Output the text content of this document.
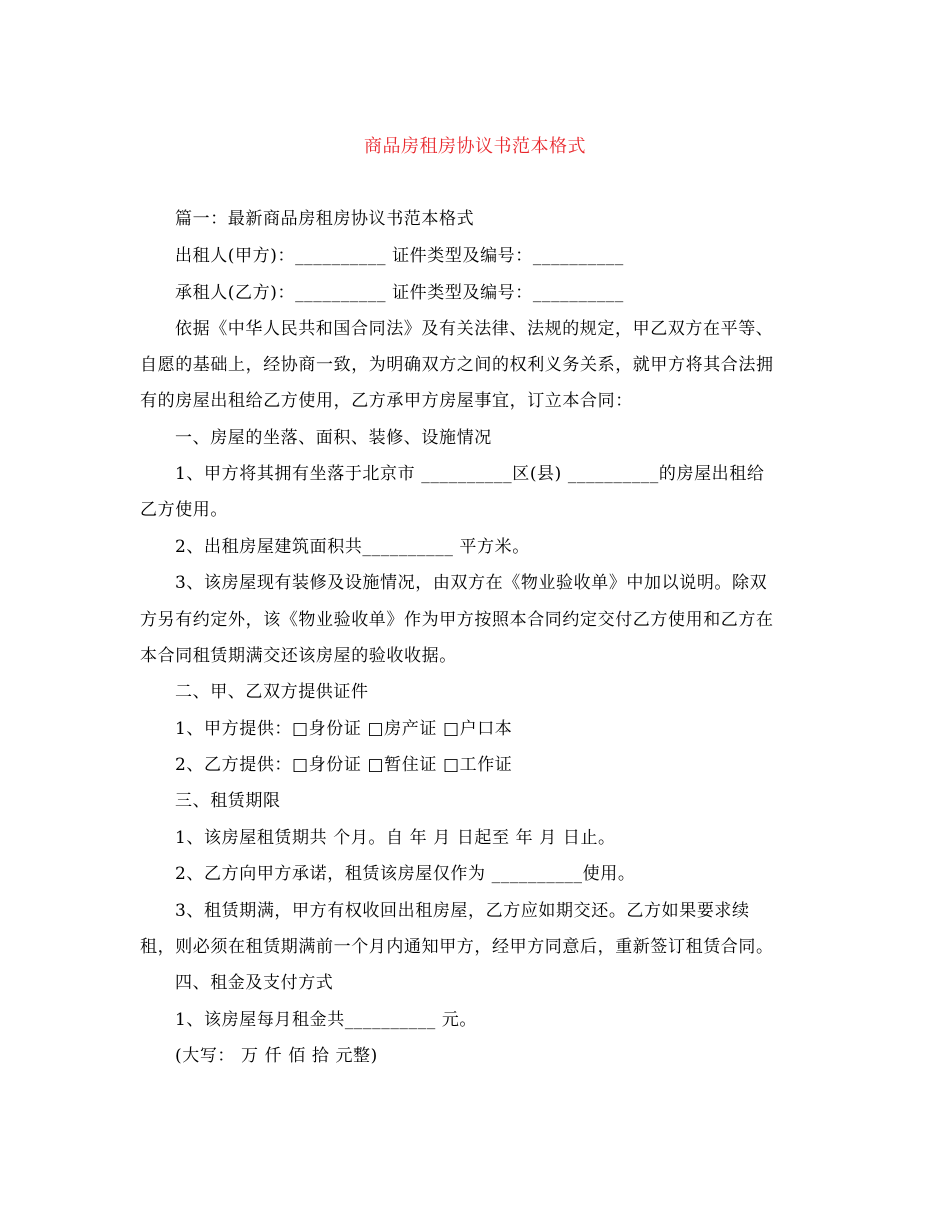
商品房租房协议书范本格式
篇一：最新商品房租房协议书范本格式
出租人(甲方)：__________ 证件类型及编号：__________
承租人(乙方)：__________ 证件类型及编号：__________
依据《中华人民共和国合同法》及有关法律、法规的规定，甲乙双方在平等、
自愿的基础上，经协商一致，为明确双方之间的权利义务关系，就甲方将其合法拥
有的房屋出租给乙方使用，乙方承甲方房屋事宜，订立本合同：
一、房屋的坐落、面积、装修、设施情况
1、甲方将其拥有坐落于北京市 __________区(县) __________的房屋出租给
乙方使用。
2、出租房屋建筑面积共__________ 平方米。
3、该房屋现有装修及设施情况，由双方在《物业验收单》中加以说明。除双
方另有约定外，该《物业验收单》作为甲方按照本合同约定交付乙方使用和乙方在
本合同租赁期满交还该房屋的验收收据。
二、甲、乙双方提供证件
1、甲方提供：□身份证 □房产证 □户口本
2、乙方提供：□身份证 □暂住证 □工作证
三、租赁期限
1、该房屋租赁期共 个月。自 年 月 日起至 年 月 日止。
2、乙方向甲方承诺，租赁该房屋仅作为 __________使用。
3、租赁期满，甲方有权收回出租房屋，乙方应如期交还。乙方如果要求续
租，则必须在租赁期满前一个月内通知甲方，经甲方同意后，重新签订租赁合同。
四、租金及支付方式
1、该房屋每月租金共__________ 元。
(大写： 万 仟 佰 拾 元整)
